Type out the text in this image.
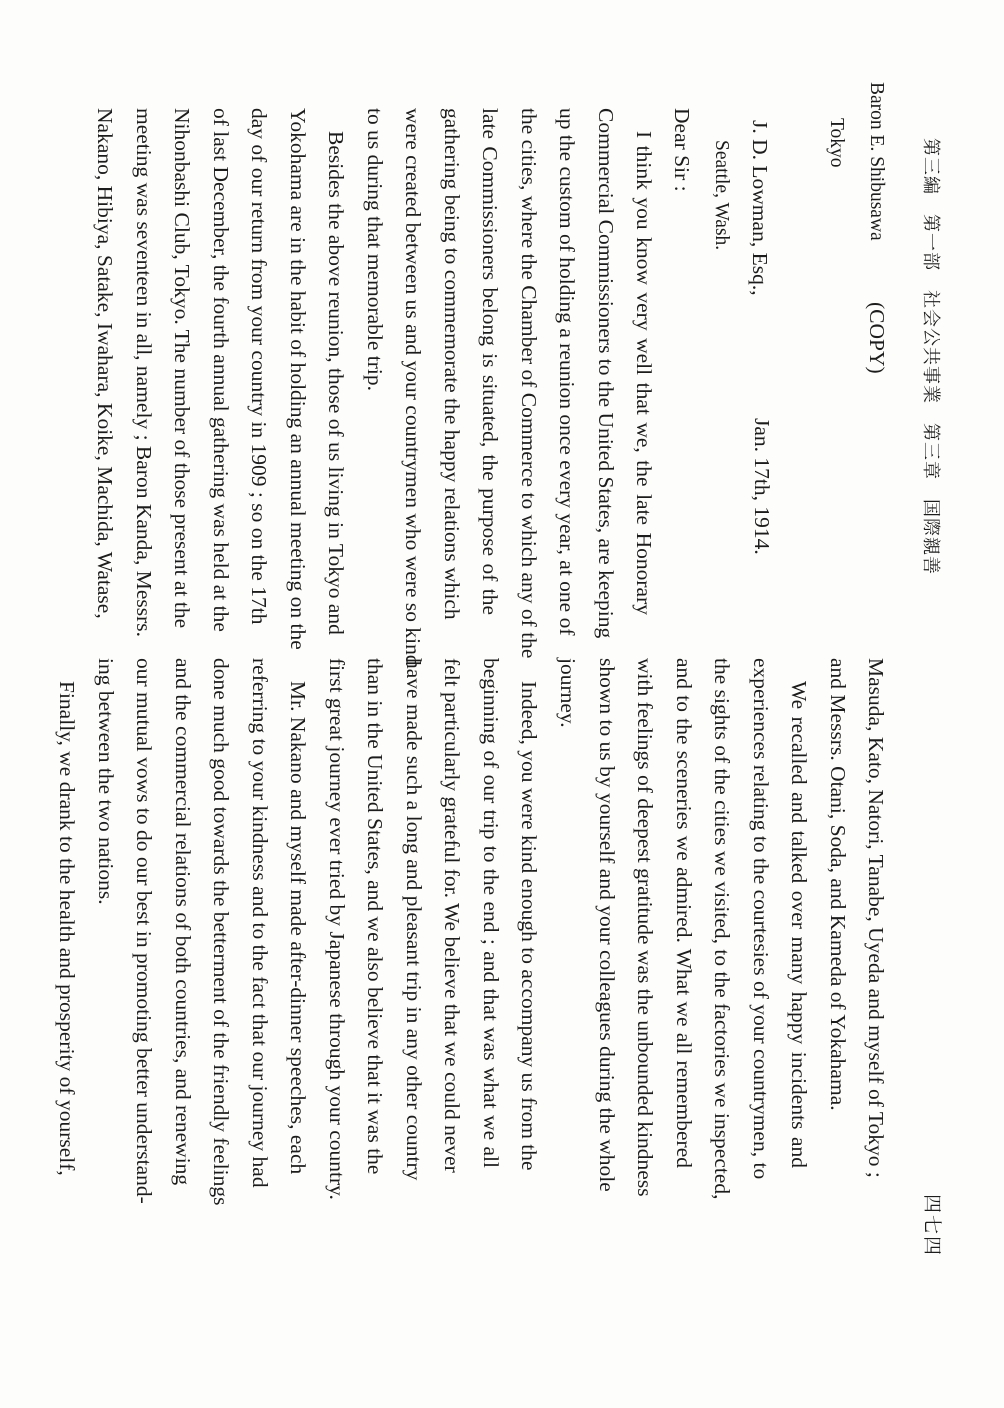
第三編　第一部　社会公共事業　第三章　国際親善
四七四
(COPY)
Jan. 17th, 1914.
J. D. Lowman, Esq.,
Seattle, Wash.
Dear Sir :
I think you know very well that we, the late Honorary
Commercial Commissioners to the United States, are keeping
up the custom of holding a reunion once every year, at one of
the cities, where the Chamber of Commerce to which any of the
late Commissioners belong is situated, the purpose of the
gathering being to commemorate the happy relations which
were created between us and your countrymen who were so kind
to us during that memorable trip.
Besides the above reunion, those of us living in Tokyo and
Yokohama are in the habit of holding an annual meeting on the
day of our return from your country in 1909 ; so on the 17th
of last December, the fourth annual gathering was held at the
Nihonbashi Club, Tokyo. The number of those present at the
meeting was seventeen in all, namely ; Baron Kanda, Messrs.
Nakano, Hibiya, Satake, Iwahara, Koike, Machida, Watase,	Baron E. Shibusawa
Tokyo
Masuda, Kato, Natori, Tanabe, Uyeda and myself of Tokyo ;
and Messrs. Otani, Soda, and Kameda of Yokahama.
We recalled and talked over many happy incidents and
experiences relating to the courtesies of your countrymen, to
the sights of the cities we visited, to the factories we inspected,
and to the sceneries we admired. What we all remembered
with feelings of deepest gratitude was the unbounded kindness
shown to us by yourself and your colleagues during the whole
journey.
Indeed, you were kind enough to accompany us from the
beginning of our trip to the end ; and that was what we all
felt particularly grateful for. We believe that we could never
have made such a long and pleasant trip in any other country
than in the United States, and we also believe that it was the
first great journey ever tried by Japanese through your country.
Mr. Nakano and myself made after-dinner speeches, each
referring to your kindness and to the fact that our journey had
done much good towards the betterment of the friendly feelings
and the commercial relations of both countries, and renewing
our mutual vows to do our best in promoting better understand-
ing between the two nations.
Finally, we drank to the health and prosperity of yourself,
